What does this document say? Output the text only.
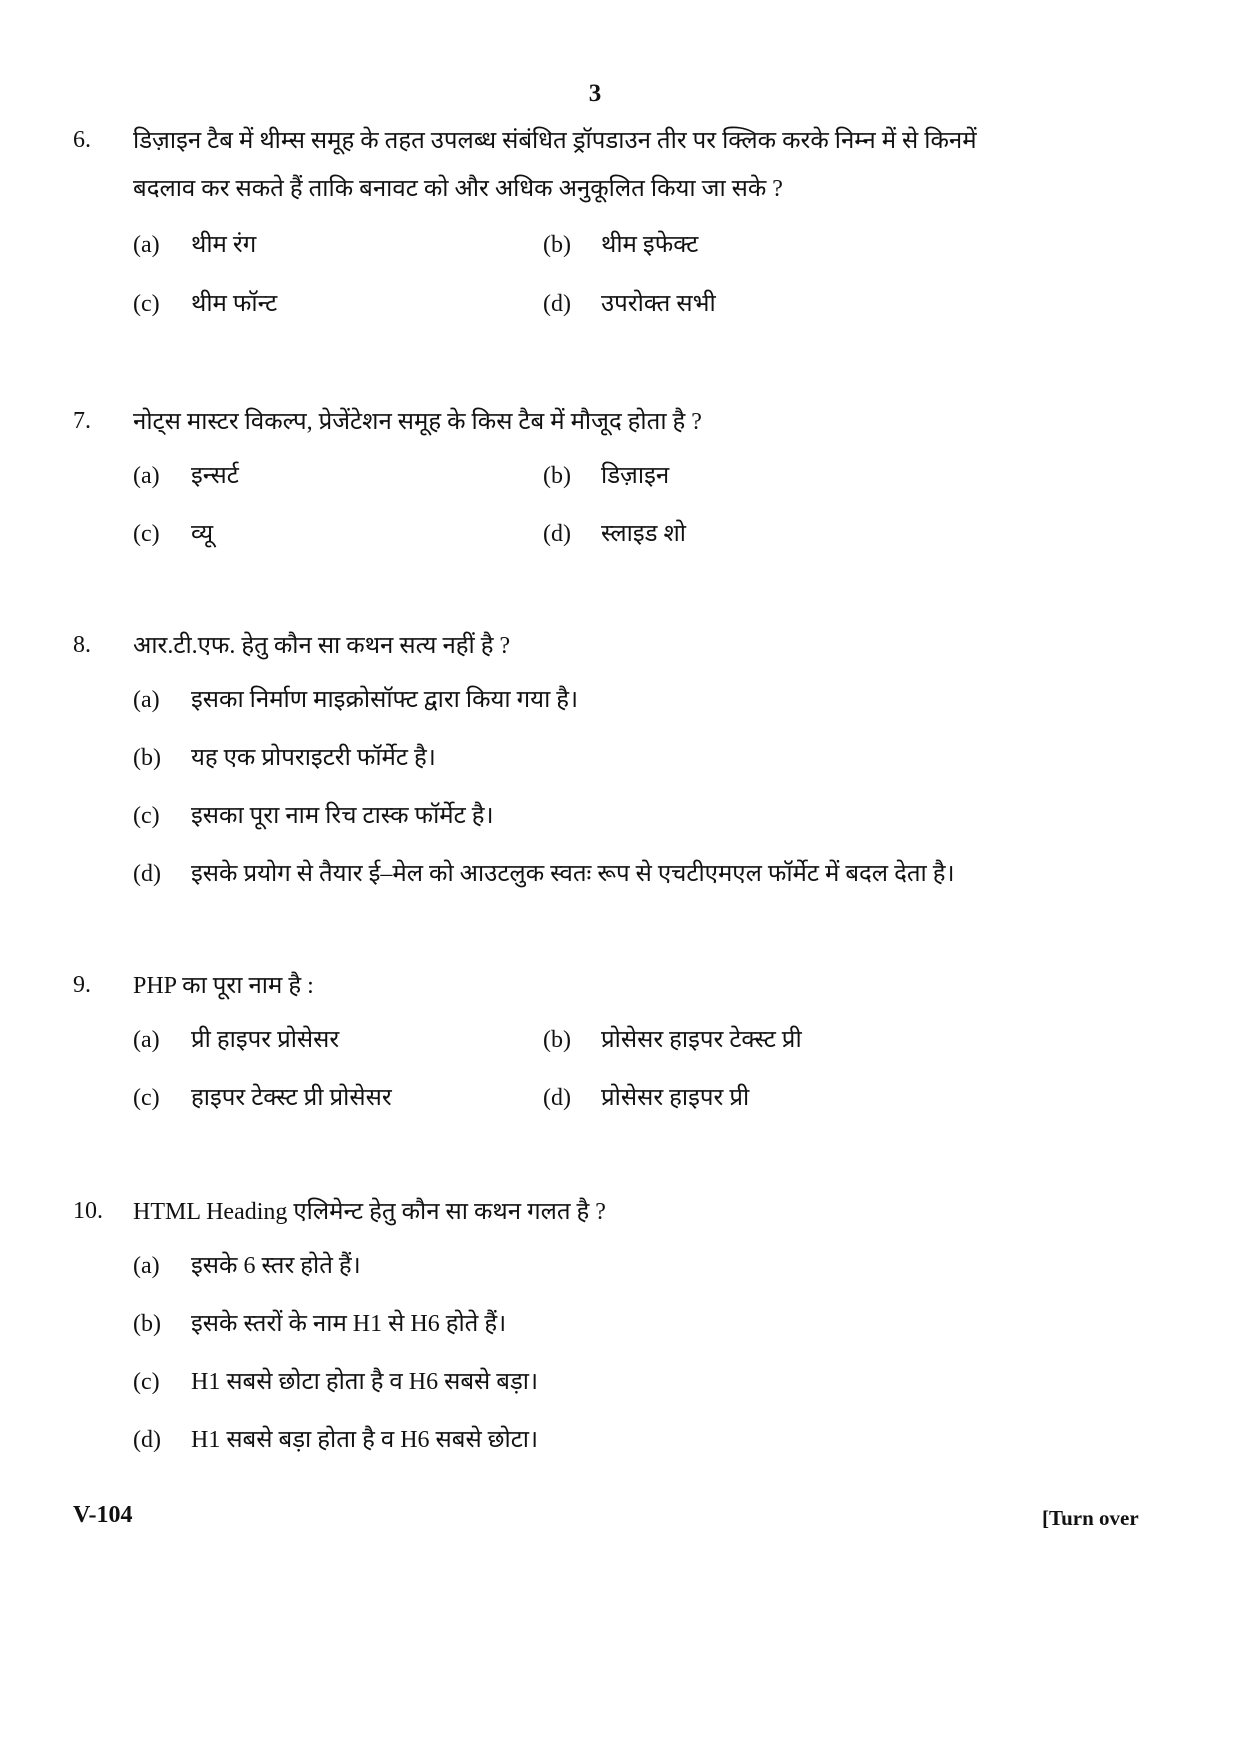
3
6. डिज़ाइन टैब में थीम्स समूह के तहत उपलब्ध संबंधित ड्रॉपडाउन तीर पर क्लिक करके निम्न में से किनमें
बदलाव कर सकते हैं ताकि बनावट को और अधिक अनुकूलित किया जा सके ?
(a) थीम रंग	(b) थीम इफेक्ट
(c) थीम फॉन्ट	(d) उपरोक्त सभी
7. नोट्स मास्टर विकल्प, प्रेजेंटेशन समूह के किस टैब में मौजूद होता है ?
(a) इन्सर्ट	(b) डिज़ाइन
(c) व्यू	(d) स्लाइड शो
8. आर.टी.एफ. हेतु कौन सा कथन सत्य नहीं है ?
(a) इसका निर्माण माइक्रोसॉफ्ट द्वारा किया गया है।
(b) यह एक प्रोपराइटरी फॉर्मेट है।
(c) इसका पूरा नाम रिच टास्क फॉर्मेट है।
(d) इसके प्रयोग से तैयार ई–मेल को आउटलुक स्वतः रूप से एचटीएमएल फॉर्मेट में बदल देता है।
9. PHP का पूरा नाम है :
(a) प्री हाइपर प्रोसेसर	(b) प्रोसेसर हाइपर टेक्स्ट प्री
(c) हाइपर टेक्स्ट प्री प्रोसेसर	(d) प्रोसेसर हाइपर प्री
10. HTML Heading एलिमेन्ट हेतु कौन सा कथन गलत है ?
(a) इसके 6 स्तर होते हैं।
(b) इसके स्तरों के नाम H1 से H6 होते हैं।
(c) H1 सबसे छोटा होता है व H6 सबसे बड़ा।
(d) H1 सबसे बड़ा होता है व H6 सबसे छोटा।
V-104	[Turn over
